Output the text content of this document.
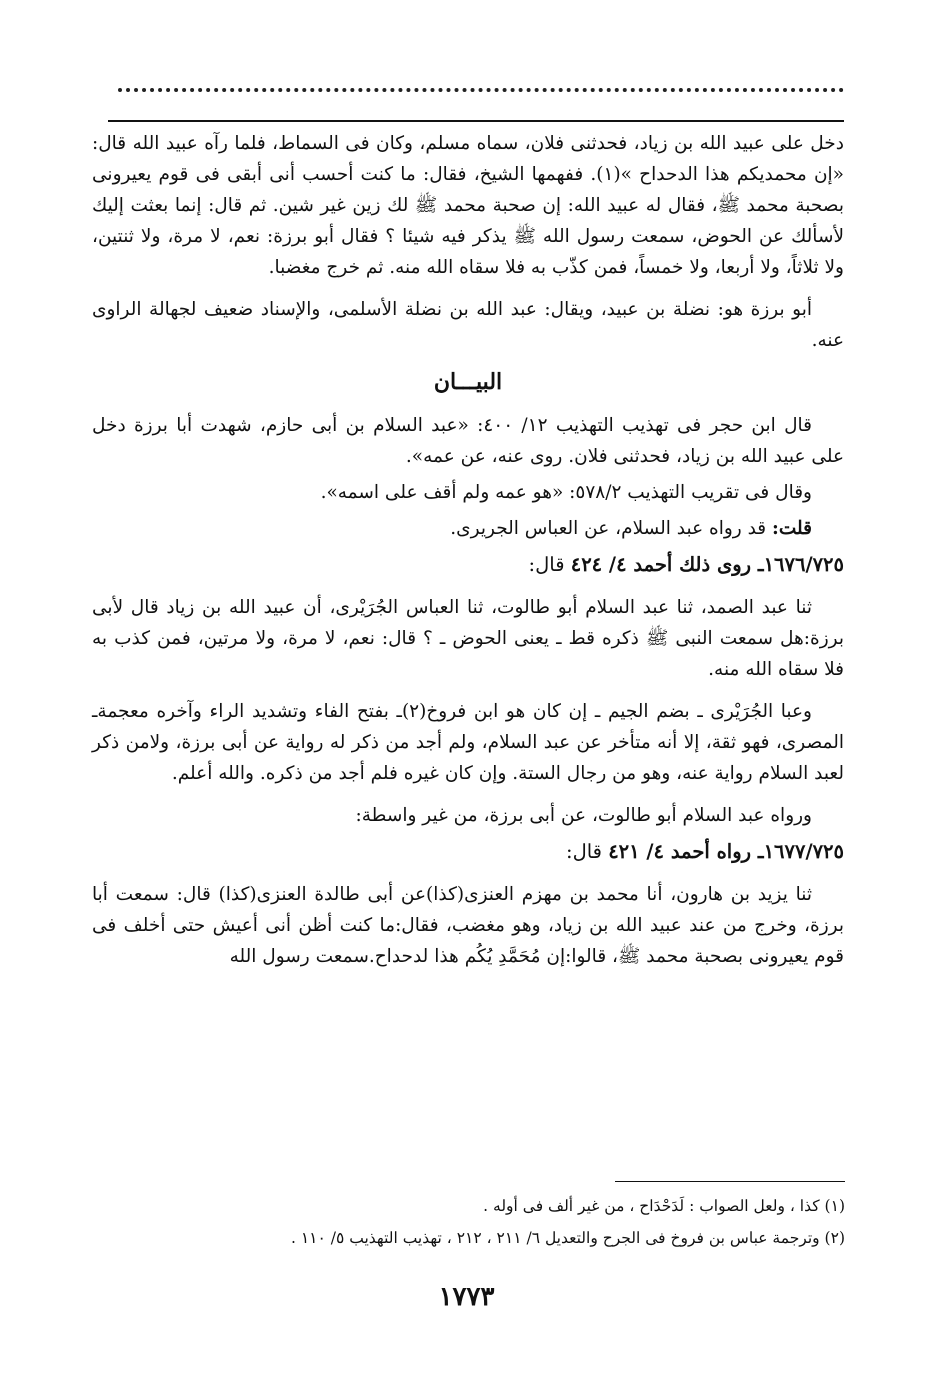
دخل على عبيد الله بن زياد، فحدثنى فلان، سماه مسلم، وكان فى السماط، فلما رآه عبيد الله قال: «إن محمديكم هذا الدحداح »(١). ففهمها الشيخ، فقال: ما كنت أحسب أنى أبقى فى قوم يعيرونى بصحبة محمد ﷺ، فقال له عبيد الله: إن صحبة محمد ﷺ لك زين غير شين. ثم قال: إنما بعثت إليك لأسألك عن الحوض، سمعت رسول الله ﷺ يذكر فيه شيئا ؟ فقال أبو برزة: نعم، لا مرة، ولا ثنتين، ولا ثلاثاً، ولا أربعا، ولا خمساً، فمن كذّب به فلا سقاه الله منه. ثم خرج مغضبا.

أبو برزة هو: نضلة بن عبيد، ويقال: عبد الله بن نضلة الأسلمى، والإسناد ضعيف لجهالة الراوى عنه.

البيـــان

قال ابن حجر فى تهذيب التهذيب ١٢/ ٤٠٠: «عبد السلام بن أبى حازم، شهدت أبا برزة دخل على عبيد الله بن زياد، فحدثنى فلان. روى عنه، عن عمه».

وقال فى تقريب التهذيب ٥٧٨/٢: «هو عمه ولم أقف على اسمه».

قلت: قد رواه عبد السلام، عن العباس الجريرى.

١٦٧٦/٧٢٥ـ روى ذلك أحمد ٤/ ٤٢٤ قال:

ثنا عبد الصمد، ثنا عبد السلام أبو طالوت، ثنا العباس الجُرَيْرى، أن عبيد الله بن زياد قال لأبى برزة:هل سمعت النبى ﷺ ذكره قط ـ يعنى الحوض ـ ؟ قال: نعم، لا مرة، ولا مرتين، فمن كذب به فلا سقاه الله منه.

وعبا الجُرَيْرى ـ بضم الجيم ـ إن كان هو ابن فروخ(٢)ـ بفتح الفاء وتشديد الراء وآخره معجمةـ المصرى، فهو ثقة، إلا أنه متأخر عن عبد السلام، ولم أجد من ذكر له رواية عن أبى برزة، ولامن ذكر لعبد السلام رواية عنه، وهو من رجال الستة. وإن كان غيره فلم أجد من ذكره. والله أعلم.

ورواه عبد السلام أبو طالوت، عن أبى برزة، من غير واسطة:

١٦٧٧/٧٢٥ـ رواه أحمد ٤/ ٤٢١ قال:

ثنا يزيد بن هارون، أنا محمد بن مهزم العنزى(كذا)عن أبى طالدة العنزى(كذا) قال: سمعت أبا برزة، وخرج من عند عبيد الله بن زياد، وهو مغضب، فقال:ما كنت أظن أنى أعيش حتى أخلف فى قوم يعيرونى بصحبة محمد ﷺ، قالوا:إن مُحَمَّدِ يُكُم هذا لدحداح.سمعت رسول الله

(١) كذا ، ولعل الصواب : لَدَحْدَاح ، من غير ألف فى أوله .
(٢) وترجمة عباس بن فروخ فى الجرح والتعديل ٦/ ٢١١ ، ٢١٢ ، تهذيب التهذيب ٥/ ١١٠ .
١٧٧٣
